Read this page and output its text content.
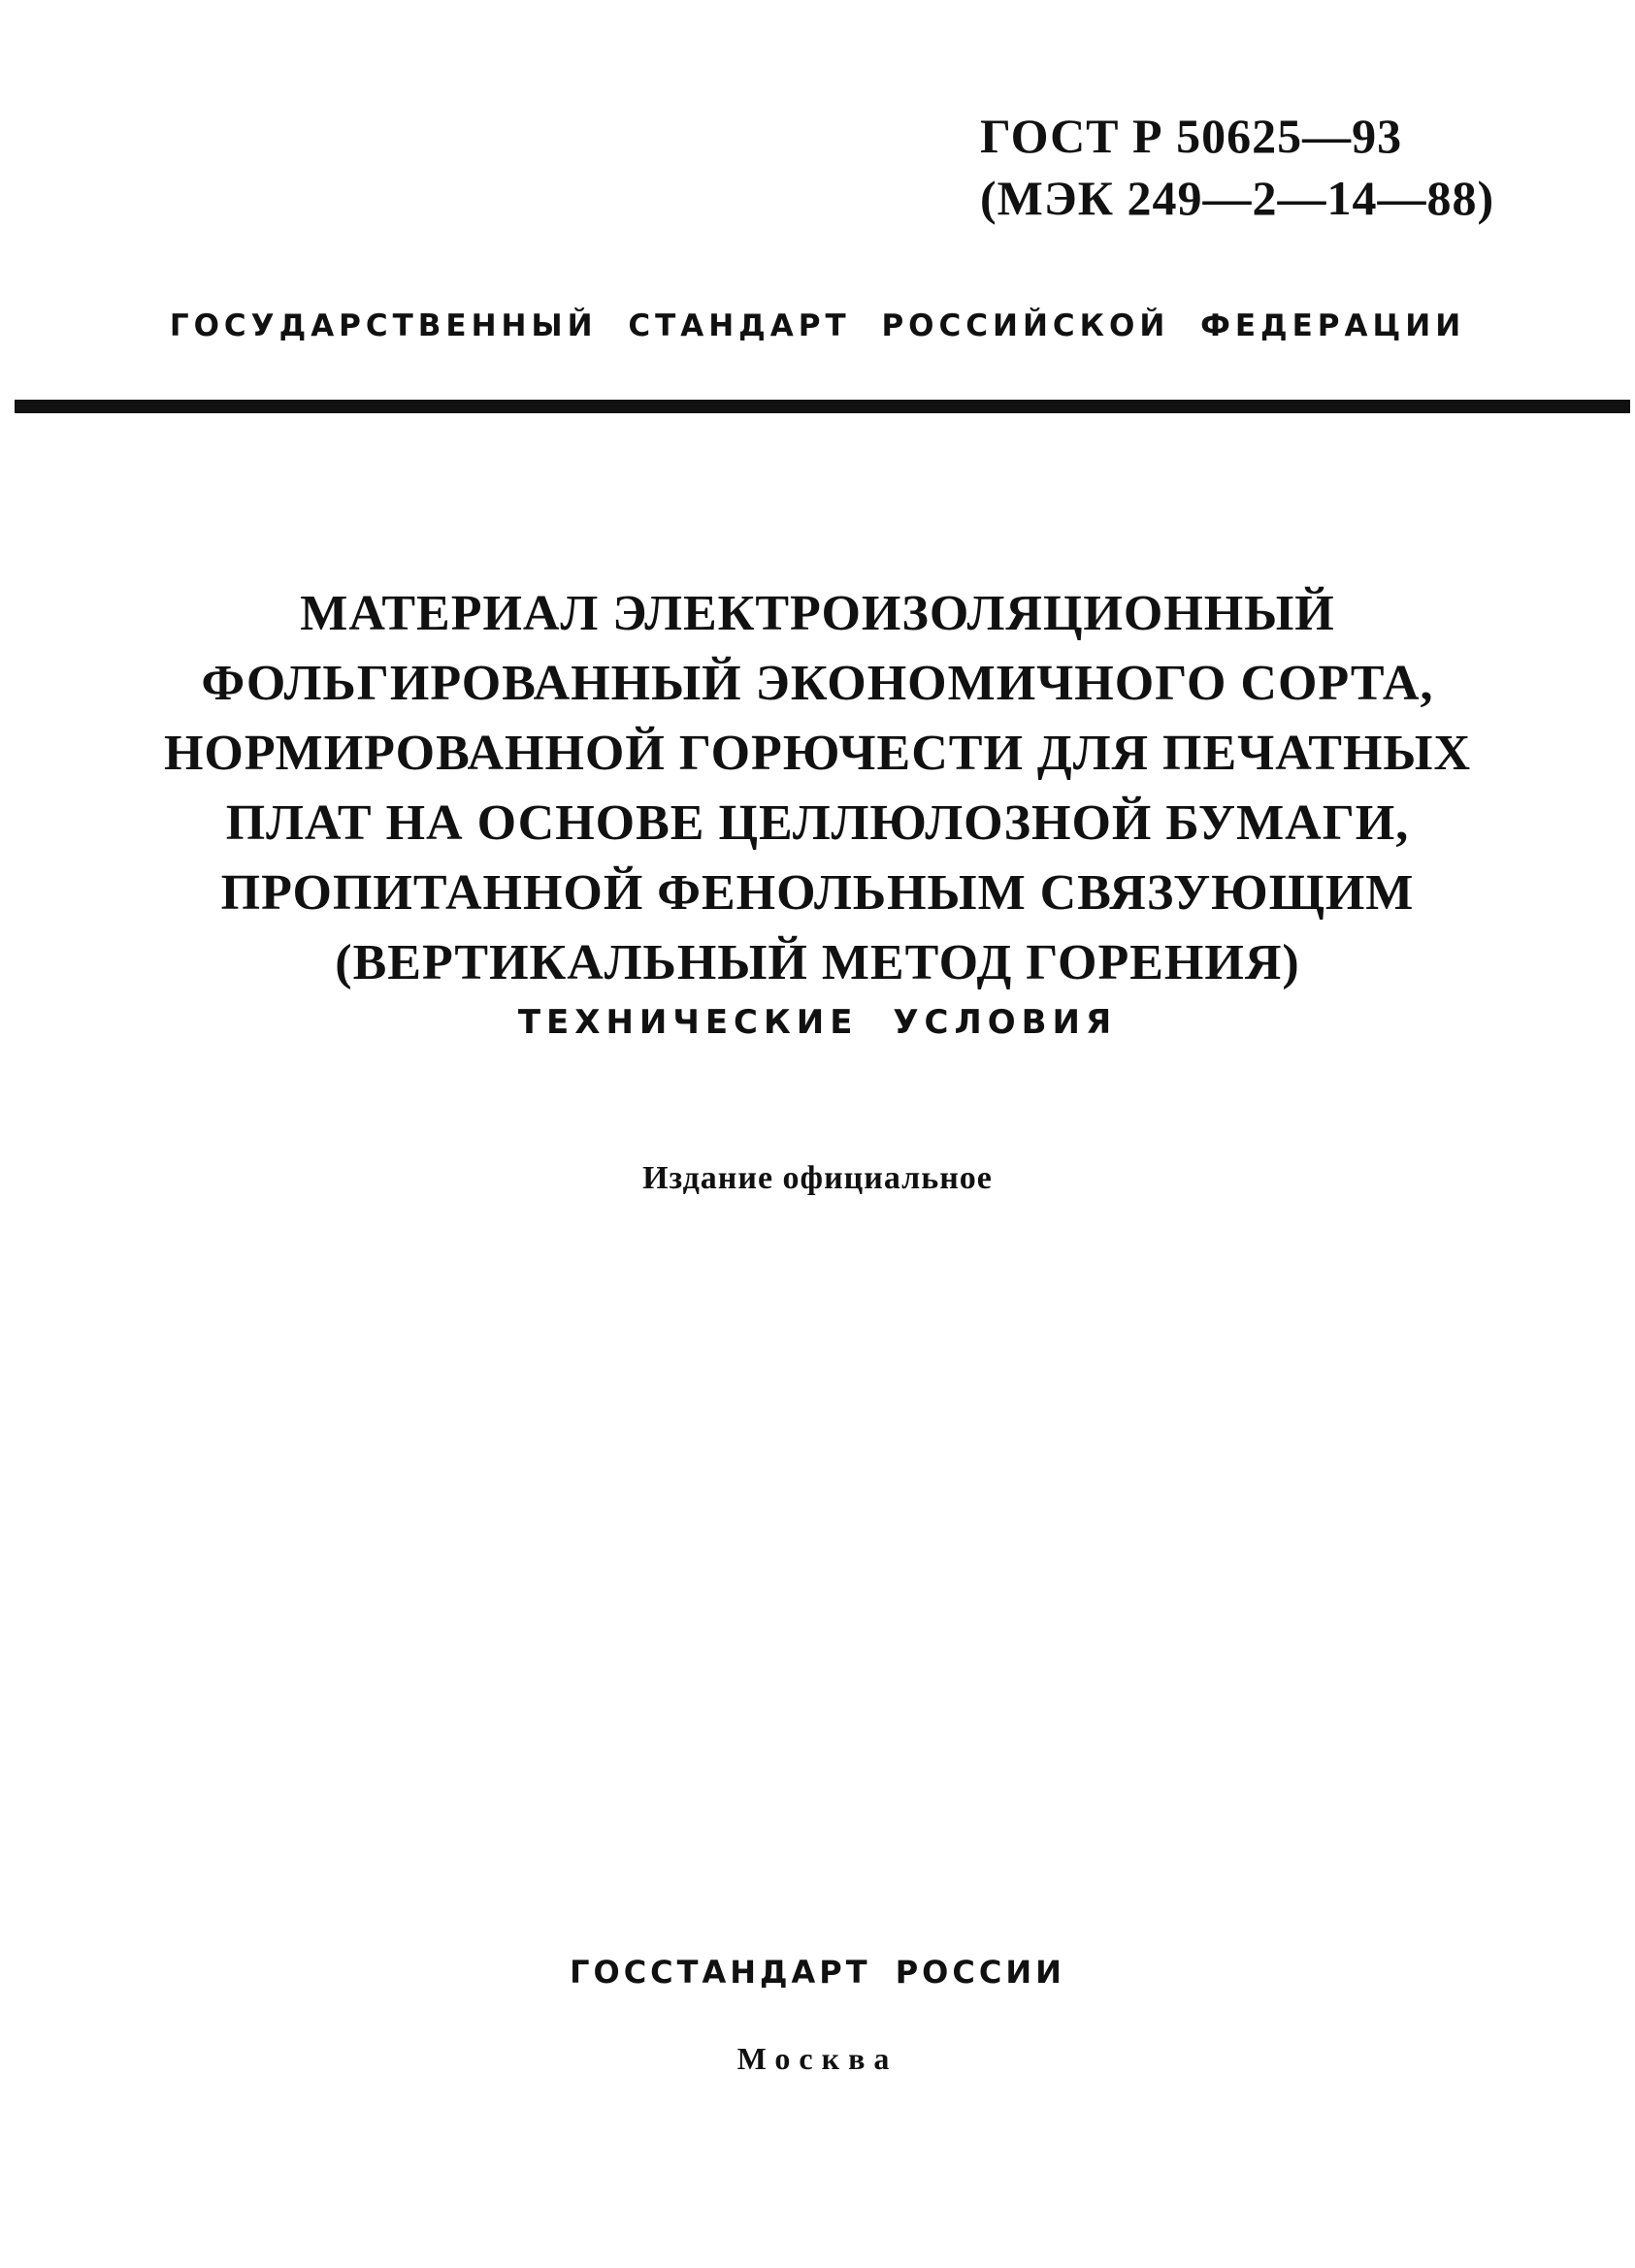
ГОСТ Р 50625—93
(МЭК 249—2—14—88)
ГОСУДАРСТВЕННЫЙ СТАНДАРТ РОССИЙСКОЙ ФЕДЕРАЦИИ
МАТЕРИАЛ ЭЛЕКТРОИЗОЛЯЦИОННЫЙ
ФОЛЬГИРОВАННЫЙ ЭКОНОМИЧНОГО СОРТА,
НОРМИРОВАННОЙ ГОРЮЧЕСТИ ДЛЯ ПЕЧАТНЫХ
ПЛАТ НА ОСНОВЕ ЦЕЛЛЮЛОЗНОЙ БУМАГИ,
ПРОПИТАННОЙ ФЕНОЛЬНЫМ СВЯЗУЮЩИМ
(ВЕРТИКАЛЬНЫЙ МЕТОД ГОРЕНИЯ)
ТЕХНИЧЕСКИЕ УСЛОВИЯ
Издание официальное
ГОССТАНДАРТ РОССИИ
Москва
